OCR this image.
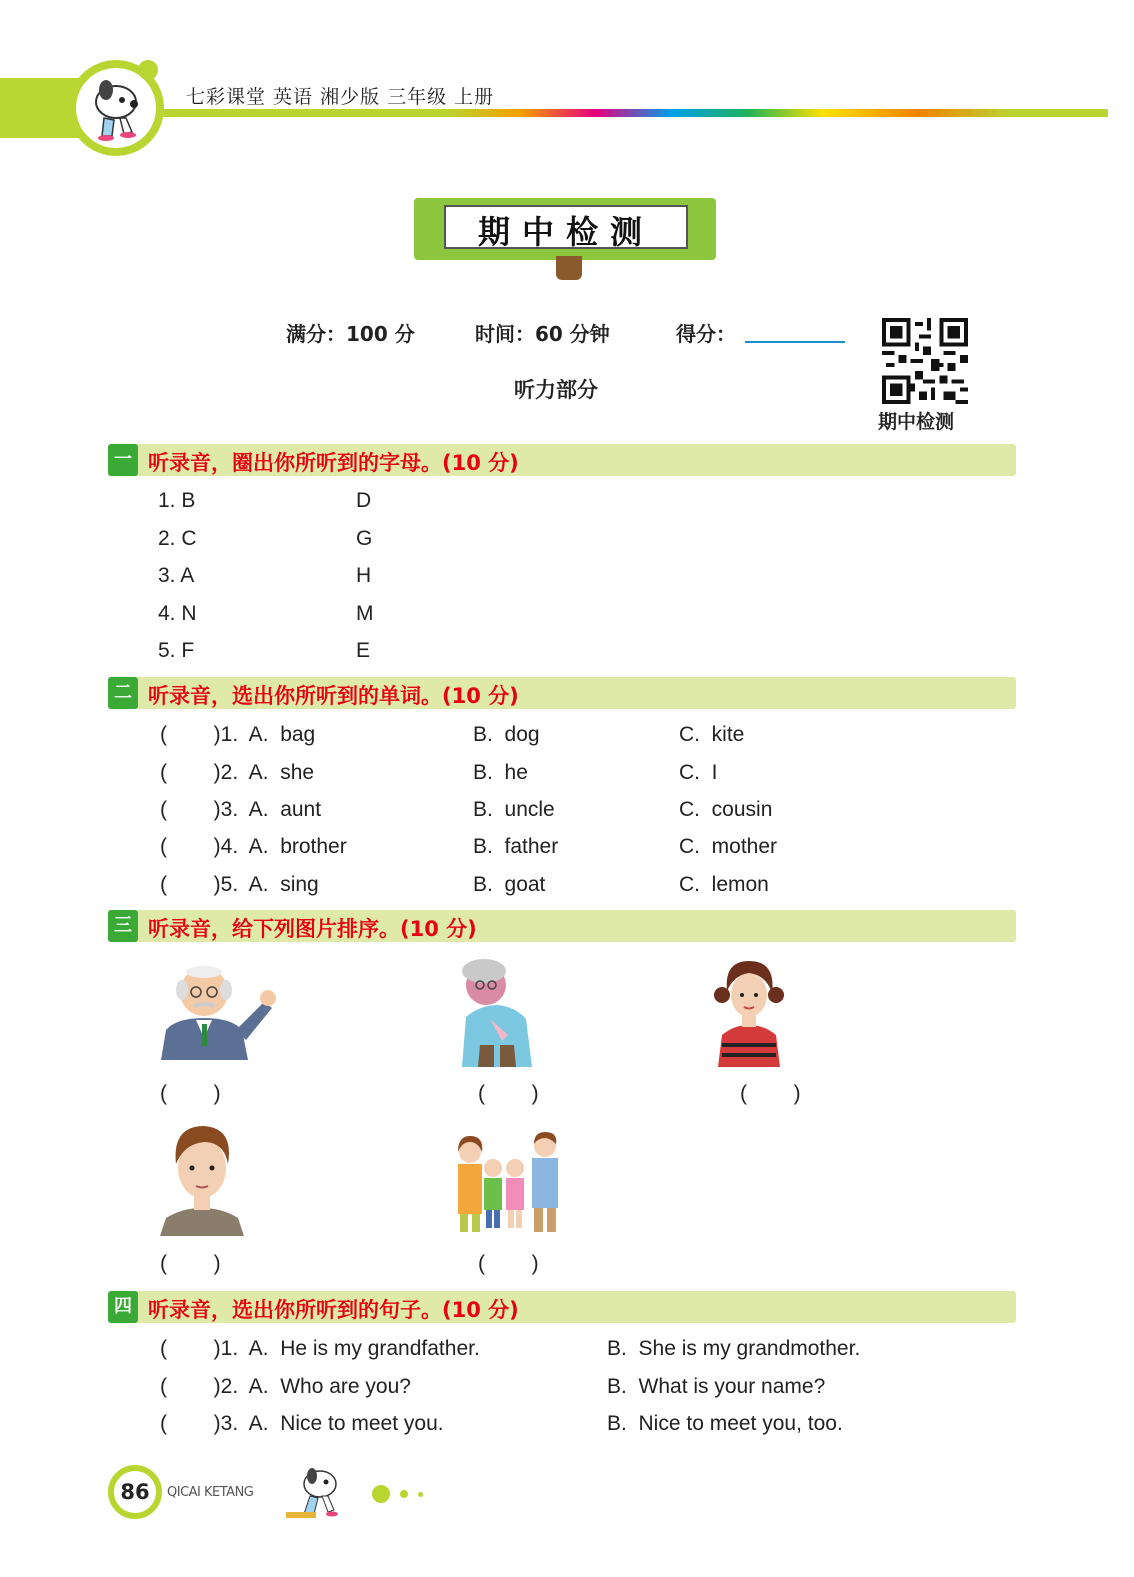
七彩课堂 英语 湘少版 三年级 上册
期中检测
满分：100 分	时间：60 分钟	得分：
听力部分
期中检测
一 听录音，圈出你所听到的字母。(10 分)
1. B	D
2. C	G
3. A	H
4. N	M
5. F	E
二 听录音，选出你所听到的单词。(10 分)
(        )1.  A.  bag	B.  dog	C.  kite
(        )2.  A.  she	B.  he	C.  I
(        )3.  A.  aunt	B.  uncle	C.  cousin
(        )4.  A.  brother	B.  father	C.  mother
(        )5.  A.  sing	B.  goat	C.  lemon
三 听录音，给下列图片排序。(10 分)
(        )	(        )	(        )
(        )	(        )
四 听录音，选出你所听到的句子。(10 分)
(        )1.  A.  He is my grandfather.	B.  She is my grandmother.
(        )2.  A.  Who are you?	B.  What is your name?
(        )3.  A.  Nice to meet you.	B.  Nice to meet you, too.
86	QICAI KETANG
